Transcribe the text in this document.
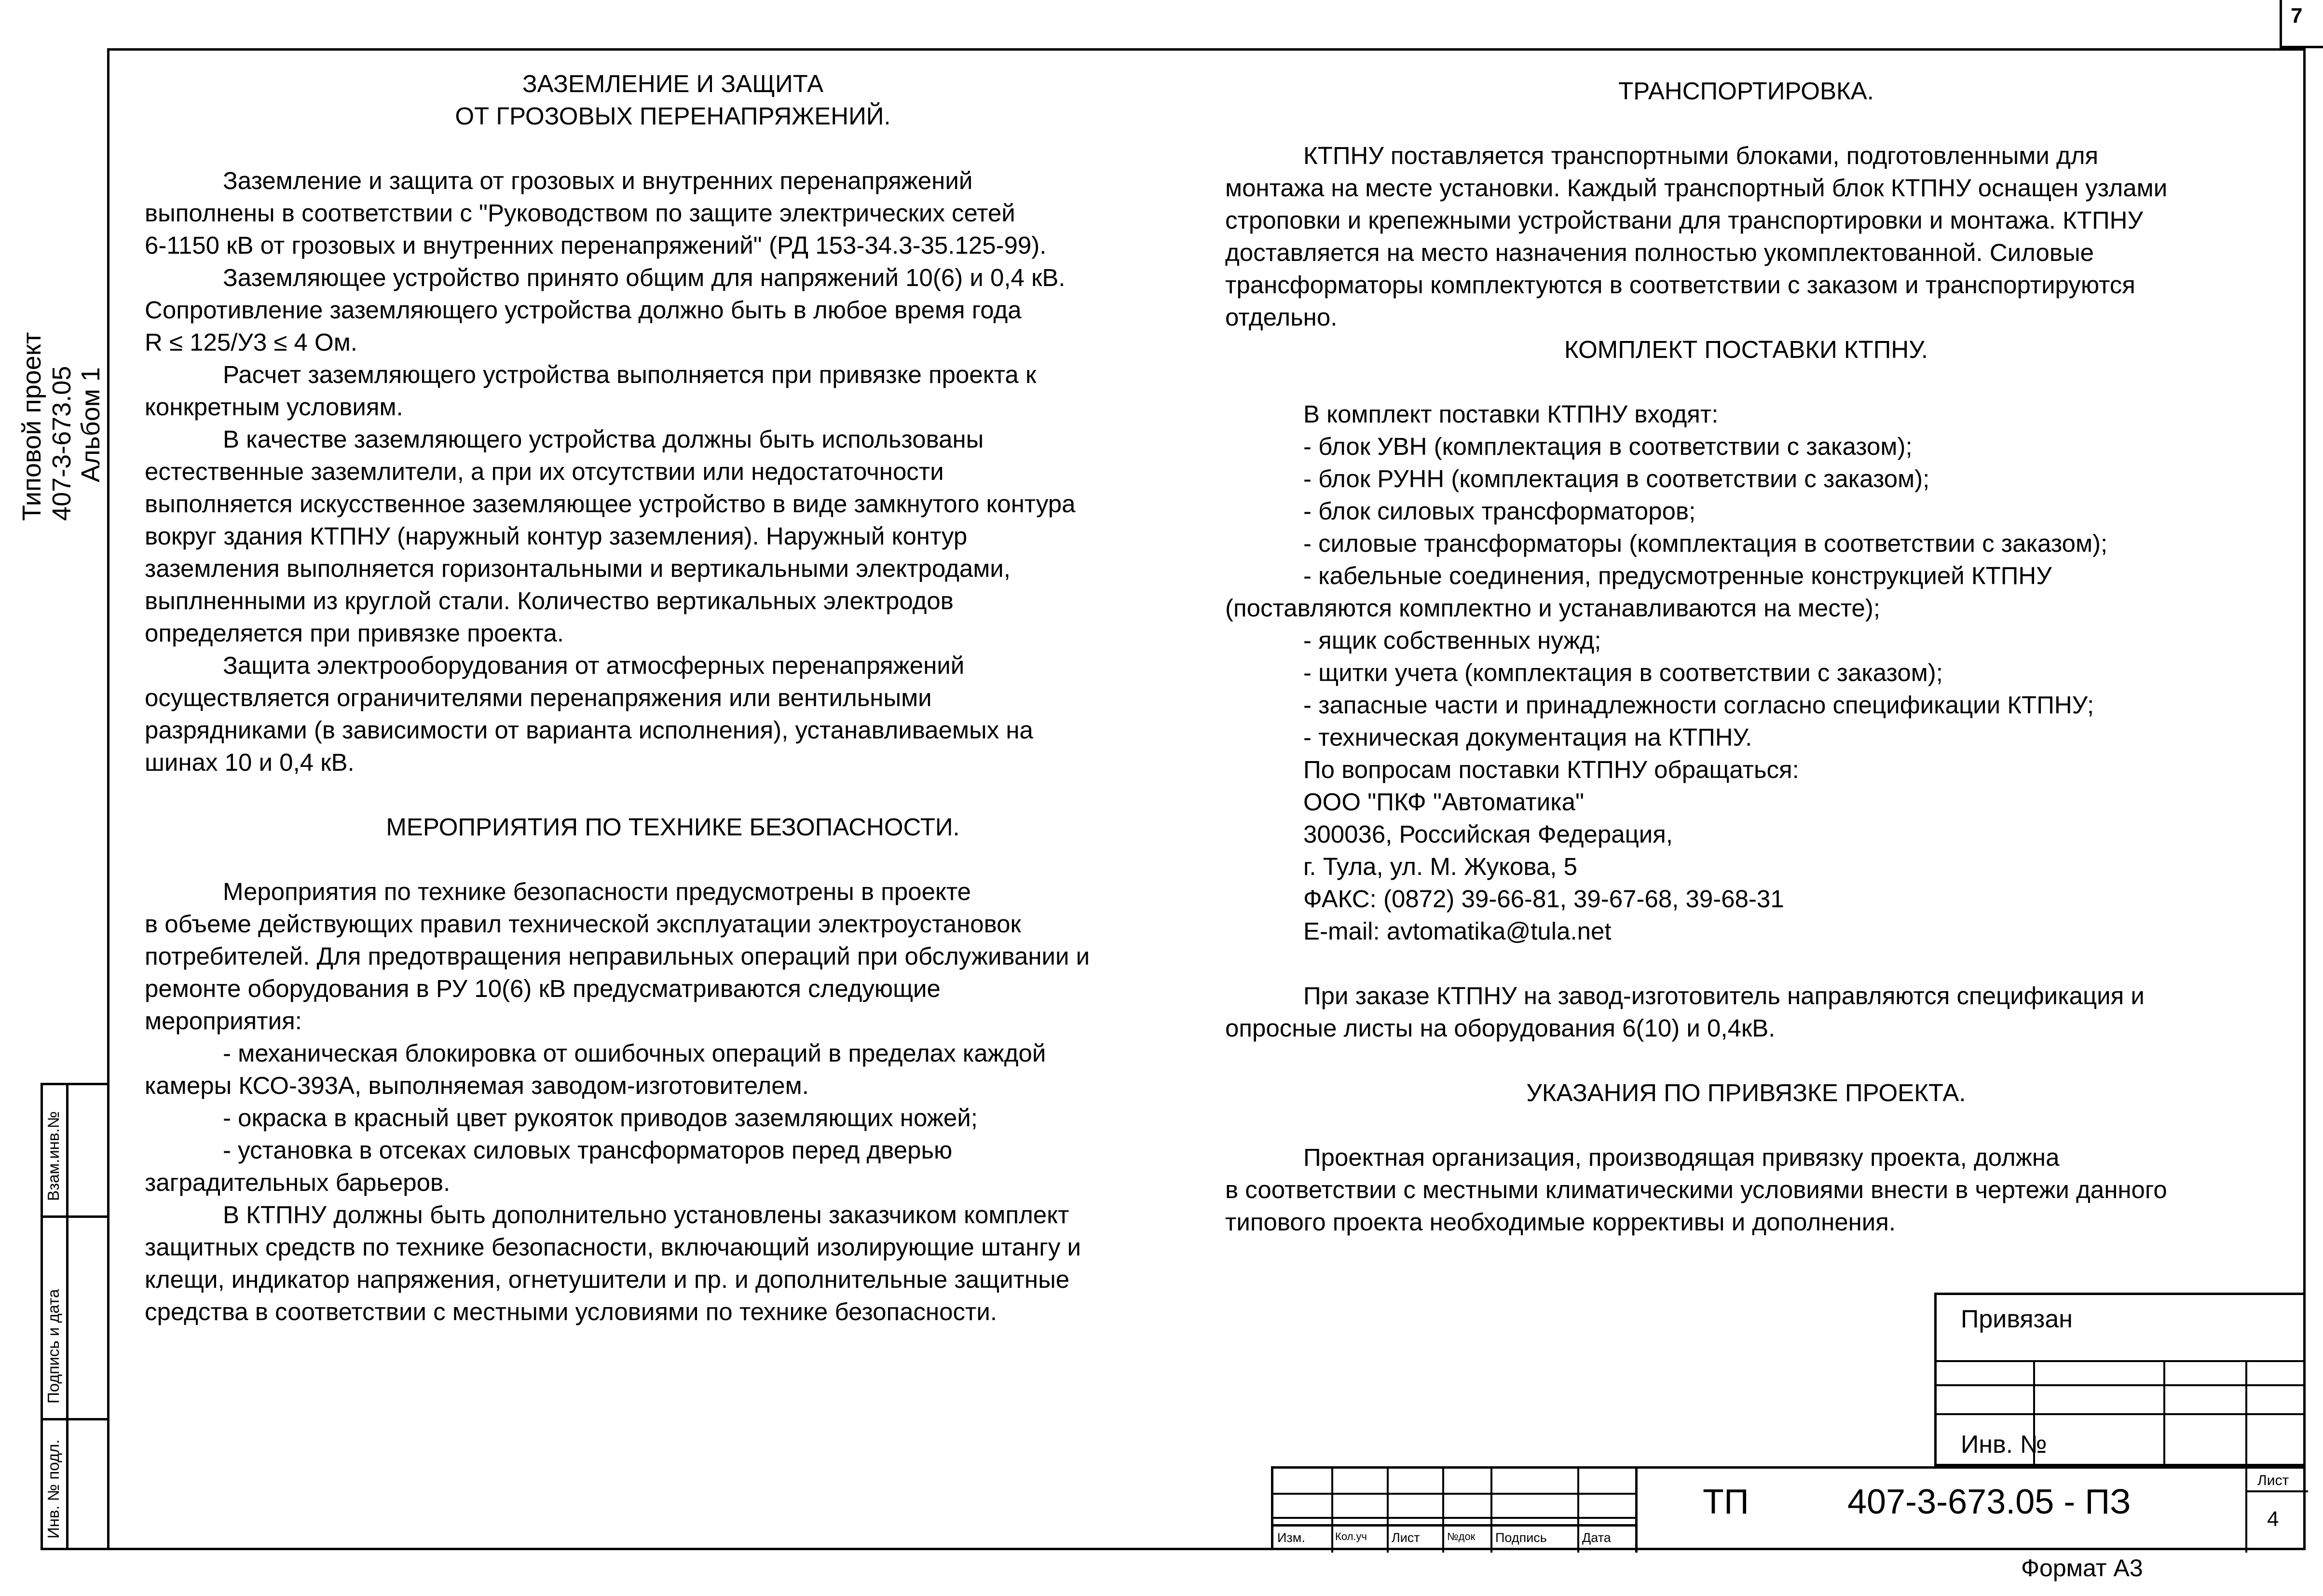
7
Типовой проект 407-3-673.05 Альбом 1
Взам.инв.№
Подпись и дата
Инв. № подл.

ЗАЗЕМЛЕНИЕ И ЗАЩИТА

ОТ ГРОЗОВЫХ ПЕРЕНАПРЯЖЕНИЙ.

Заземление и защита от грозовых и внутренних перенапряжений

выполнены в соответствии с "Руководством по защите электрических сетей

6-1150 кВ от грозовых и внутренних перенапряжений" (РД 153-34.3-35.125-99).

Заземляющее устройство принято общим для напряжений 10(6) и 0,4 кВ.

Сопротивление заземляющего устройства должно быть в любое время года

R ≤ 125/У3 ≤ 4 Ом.

Расчет заземляющего устройства выполняется при привязке проекта к

конкретным условиям.

В качестве заземляющего устройства должны быть использованы

естественные заземлители, а при их отсутствии или недостаточности

выполняется искусственное заземляющее устройство в виде замкнутого контура

вокруг здания КТПНУ (наружный контур заземления). Наружный контур

заземления выполняется горизонтальными и вертикальными электродами,

выплненными из круглой стали. Количество вертикальных электродов

определяется при привязке проекта.

Защита электрооборудования от атмосферных перенапряжений

осуществляется ограничителями перенапряжения или вентильными

разрядниками (в зависимости от варианта исполнения), устанавливаемых на

шинах 10 и 0,4 кВ.

МЕРОПРИЯТИЯ ПО ТЕХНИКЕ БЕЗОПАСНОСТИ.

Мероприятия по технике безопасности предусмотрены в проекте

в объеме действующих правил технической эксплуатации электроустановок

потребителей. Для предотвращения неправильных операций при обслуживании и

ремонте оборудования в РУ 10(6) кВ предусматриваются следующие

мероприятия:

- механическая блокировка от ошибочных операций в пределах каждой

камеры КСО-393А, выполняемая заводом-изготовителем.

- окраска в красный цвет рукояток приводов заземляющих ножей;

- установка в отсеках силовых трансформаторов перед дверью

заградительных барьеров.

В КТПНУ должны быть дополнительно установлены заказчиком комплект

защитных средств по технике безопасности, включающий изолирующие штангу и

клещи, индикатор напряжения, огнетушители и пр. и дополнительные защитные

средства в соответствии с местными условиями по технике безопасности.

ТРАНСПОРТИРОВКА.

КТПНУ поставляется транспортными блоками, подготовленными для

монтажа на месте установки. Каждый транспортный блок КТПНУ оснащен узлами

строповки и крепежными устройствани для транспортировки и монтажа. КТПНУ

доставляется на место назначения полностью укомплектованной. Силовые

трансформаторы комплектуются в соответствии с заказом и транспортируются

отдельно.

КОМПЛЕКТ ПОСТАВКИ КТПНУ.

В комплект поставки КТПНУ входят:

- блок УВН (комплектация в соответствии с заказом);

- блок РУНН (комплектация в соответствии с заказом);

- блок силовых трансформаторов;

- силовые трансформаторы (комплектация в соответствии с заказом);

- кабельные соединения, предусмотренные конструкцией КТПНУ

(поставляются комплектно и устанавливаются на месте);

- ящик собственных нужд;

- щитки учета (комплектация в соответствии с заказом);

- запасные части и принадлежности согласно спецификации КТПНУ;

- техническая документация на КТПНУ.

По вопросам поставки КТПНУ обращаться:

ООО "ПКФ "Автоматика"

300036, Российская Федерация,

г. Тула, ул. М. Жукова, 5

ФАКС: (0872) 39-66-81, 39-67-68, 39-68-31

E-mail: avtomatika@tula.net

При заказе КТПНУ на завод-изготовитель направляются спецификация и

опросные листы на оборудования 6(10) и 0,4кВ.

УКАЗАНИЯ ПО ПРИВЯЗКЕ ПРОЕКТА.

Проектная организация, производящая привязку проекта, должна

в соответствии с местными климатическими условиями внести в чертежи данного

типового проекта необходимые коррективы и дополнения.

Привязан
Инв. №
Изм.	Кол.уч Лист	№док Подпись	Дата
ТП	407-3-673.05 - ПЗ
Лист
4
Формат А3
